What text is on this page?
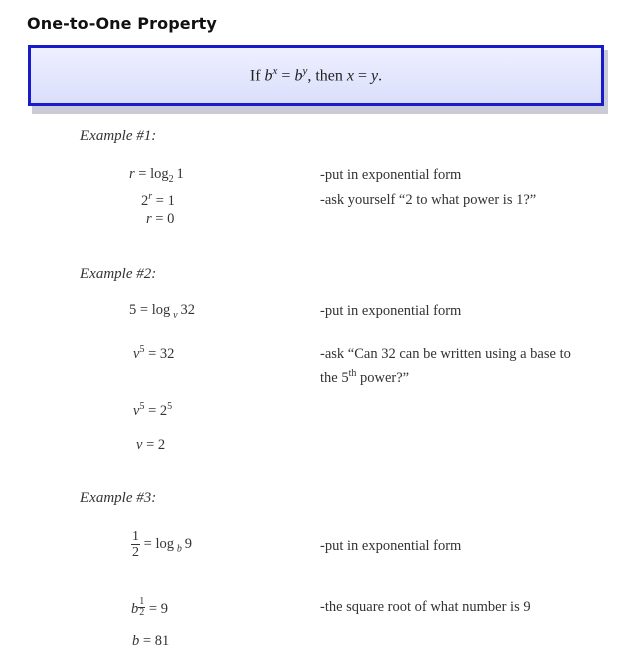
One-to-One Property
If $b^x = b^y$, then x = y.
Example #1:
$r = \log_2 1$	-put in exponential form
$2^r = 1$	-ask yourself “2 to what power is 1?”
r = 0
Example #2:
5 = log  $_v$  32	-put in exponential form
$v^5 = 32$	-ask “Can 32 can be written using a base to
the 5th power?”
$v^5 = 2^5$
v = 2
Example #3:
$\frac{1}{2} = \log _b$  9	-put in exponential form
b $\frac{1}{2} = 9$	-the square root of what number is 9
b = 81
